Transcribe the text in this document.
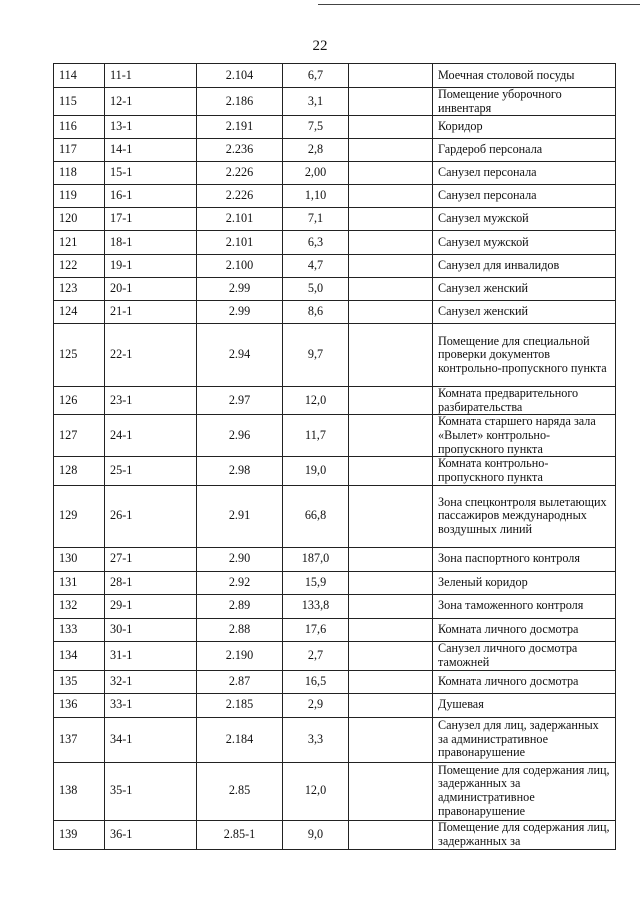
22
114	11-1	2.104	6,7		Моечная столовой посуды
115	12-1	2.186	3,1		Помещение уборочного инвентаря
116	13-1	2.191	7,5		Коридор
117	14-1	2.236	2,8		Гардероб персонала
118	15-1	2.226	2,00		Санузел персонала
119	16-1	2.226	1,10		Санузел персонала
120	17-1	2.101	7,1		Санузел мужской
121	18-1	2.101	6,3		Санузел мужской
122	19-1	2.100	4,7		Санузел для инвалидов
123	20-1	2.99	5,0		Санузел женский
124	21-1	2.99	8,6		Санузел женский
125	22-1	2.94	9,7		Помещение для специальной проверки документов контрольно-пропускного пункта
126	23-1	2.97	12,0		Комната предварительного разбирательства
127	24-1	2.96	11,7		Комната старшего наряда зала «Вылет» контрольно-пропускного пункта
128	25-1	2.98	19,0		Комната контрольно-пропускного пункта
129	26-1	2.91	66,8		Зона спецконтроля вылетающих пассажиров международных воздушных линий
130	27-1	2.90	187,0		Зона паспортного контроля
131	28-1	2.92	15,9		Зеленый коридор
132	29-1	2.89	133,8		Зона таможенного контроля
133	30-1	2.88	17,6		Комната личного досмотра
134	31-1	2.190	2,7		Санузел личного досмотра таможней
135	32-1	2.87	16,5		Комната личного досмотра
136	33-1	2.185	2,9		Душевая
137	34-1	2.184	3,3		Санузел для лиц, задержанных за административное правонарушение
138	35-1	2.85	12,0		Помещение для содержания лиц, задержанных за административное правонарушение
139	36-1	2.85-1	9,0		Помещение для содержания лиц, задержанных за
